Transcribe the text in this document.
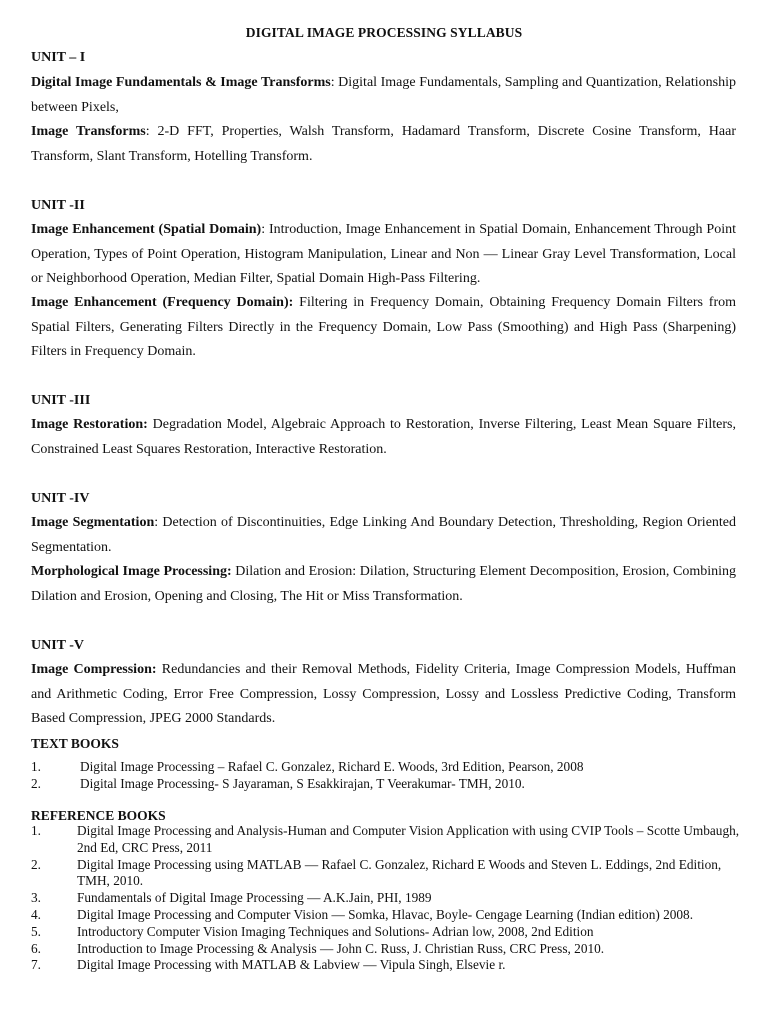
DIGITAL IMAGE PROCESSING SYLLABUS
UNIT – I
Digital Image Fundamentals & Image Transforms: Digital Image Fundamentals, Sampling and Quantization, Relationship between Pixels,
Image Transforms: 2-D FFT, Properties, Walsh Transform, Hadamard Transform, Discrete Cosine Transform, Haar Transform, Slant Transform, Hotelling Transform.
UNIT -II
Image Enhancement (Spatial Domain): Introduction, Image Enhancement in Spatial Domain, Enhancement Through Point Operation, Types of Point Operation, Histogram Manipulation, Linear and Non — Linear Gray Level Transformation, Local or Neighborhood Operation, Median Filter, Spatial Domain High-Pass Filtering.
Image Enhancement (Frequency Domain): Filtering in Frequency Domain, Obtaining Frequency Domain Filters from Spatial Filters, Generating Filters Directly in the Frequency Domain, Low Pass (Smoothing) and High Pass (Sharpening) Filters in Frequency Domain.
UNIT -III
Image Restoration: Degradation Model, Algebraic Approach to Restoration, Inverse Filtering, Least Mean Square Filters, Constrained Least Squares Restoration, Interactive Restoration.
UNIT -IV
Image Segmentation: Detection of Discontinuities, Edge Linking And Boundary Detection, Thresholding, Region Oriented Segmentation.
Morphological Image Processing: Dilation and Erosion: Dilation, Structuring Element Decomposition, Erosion, Combining Dilation and Erosion, Opening and Closing, The Hit or Miss Transformation.
UNIT -V
Image Compression: Redundancies and their Removal Methods, Fidelity Criteria, Image Compression Models, Huffman and Arithmetic Coding, Error Free Compression, Lossy Compression, Lossy and Lossless Predictive Coding, Transform Based Compression, JPEG 2000 Standards.
TEXT BOOKS
1.	Digital Image Processing – Rafael C. Gonzalez, Richard E. Woods, 3rd Edition, Pearson, 2008
2.	Digital Image Processing- S Jayaraman, S Esakkirajan, T Veerakumar- TMH, 2010.
REFERENCE BOOKS
1.	Digital Image Processing and Analysis-Human and Computer Vision Application with using CVIP Tools – Scotte Umbaugh, 2nd Ed, CRC Press, 2011
2.	Digital Image Processing using MATLAB — Rafael C. Gonzalez, Richard E Woods and Steven L. Eddings, 2nd Edition, TMH, 2010.
3.	Fundamentals of Digital Image Processing — A.K.Jain, PHI, 1989
4.	Digital Image Processing and Computer Vision — Somka, Hlavac, Boyle- Cengage Learning (Indian edition) 2008.
5.	Introductory Computer Vision Imaging Techniques and Solutions- Adrian low, 2008, 2nd Edition
6.	Introduction to Image Processing & Analysis — John C. Russ, J. Christian Russ, CRC Press, 2010.
7.	Digital Image Processing with MATLAB & Labview — Vipula Singh, Elsevie r.
